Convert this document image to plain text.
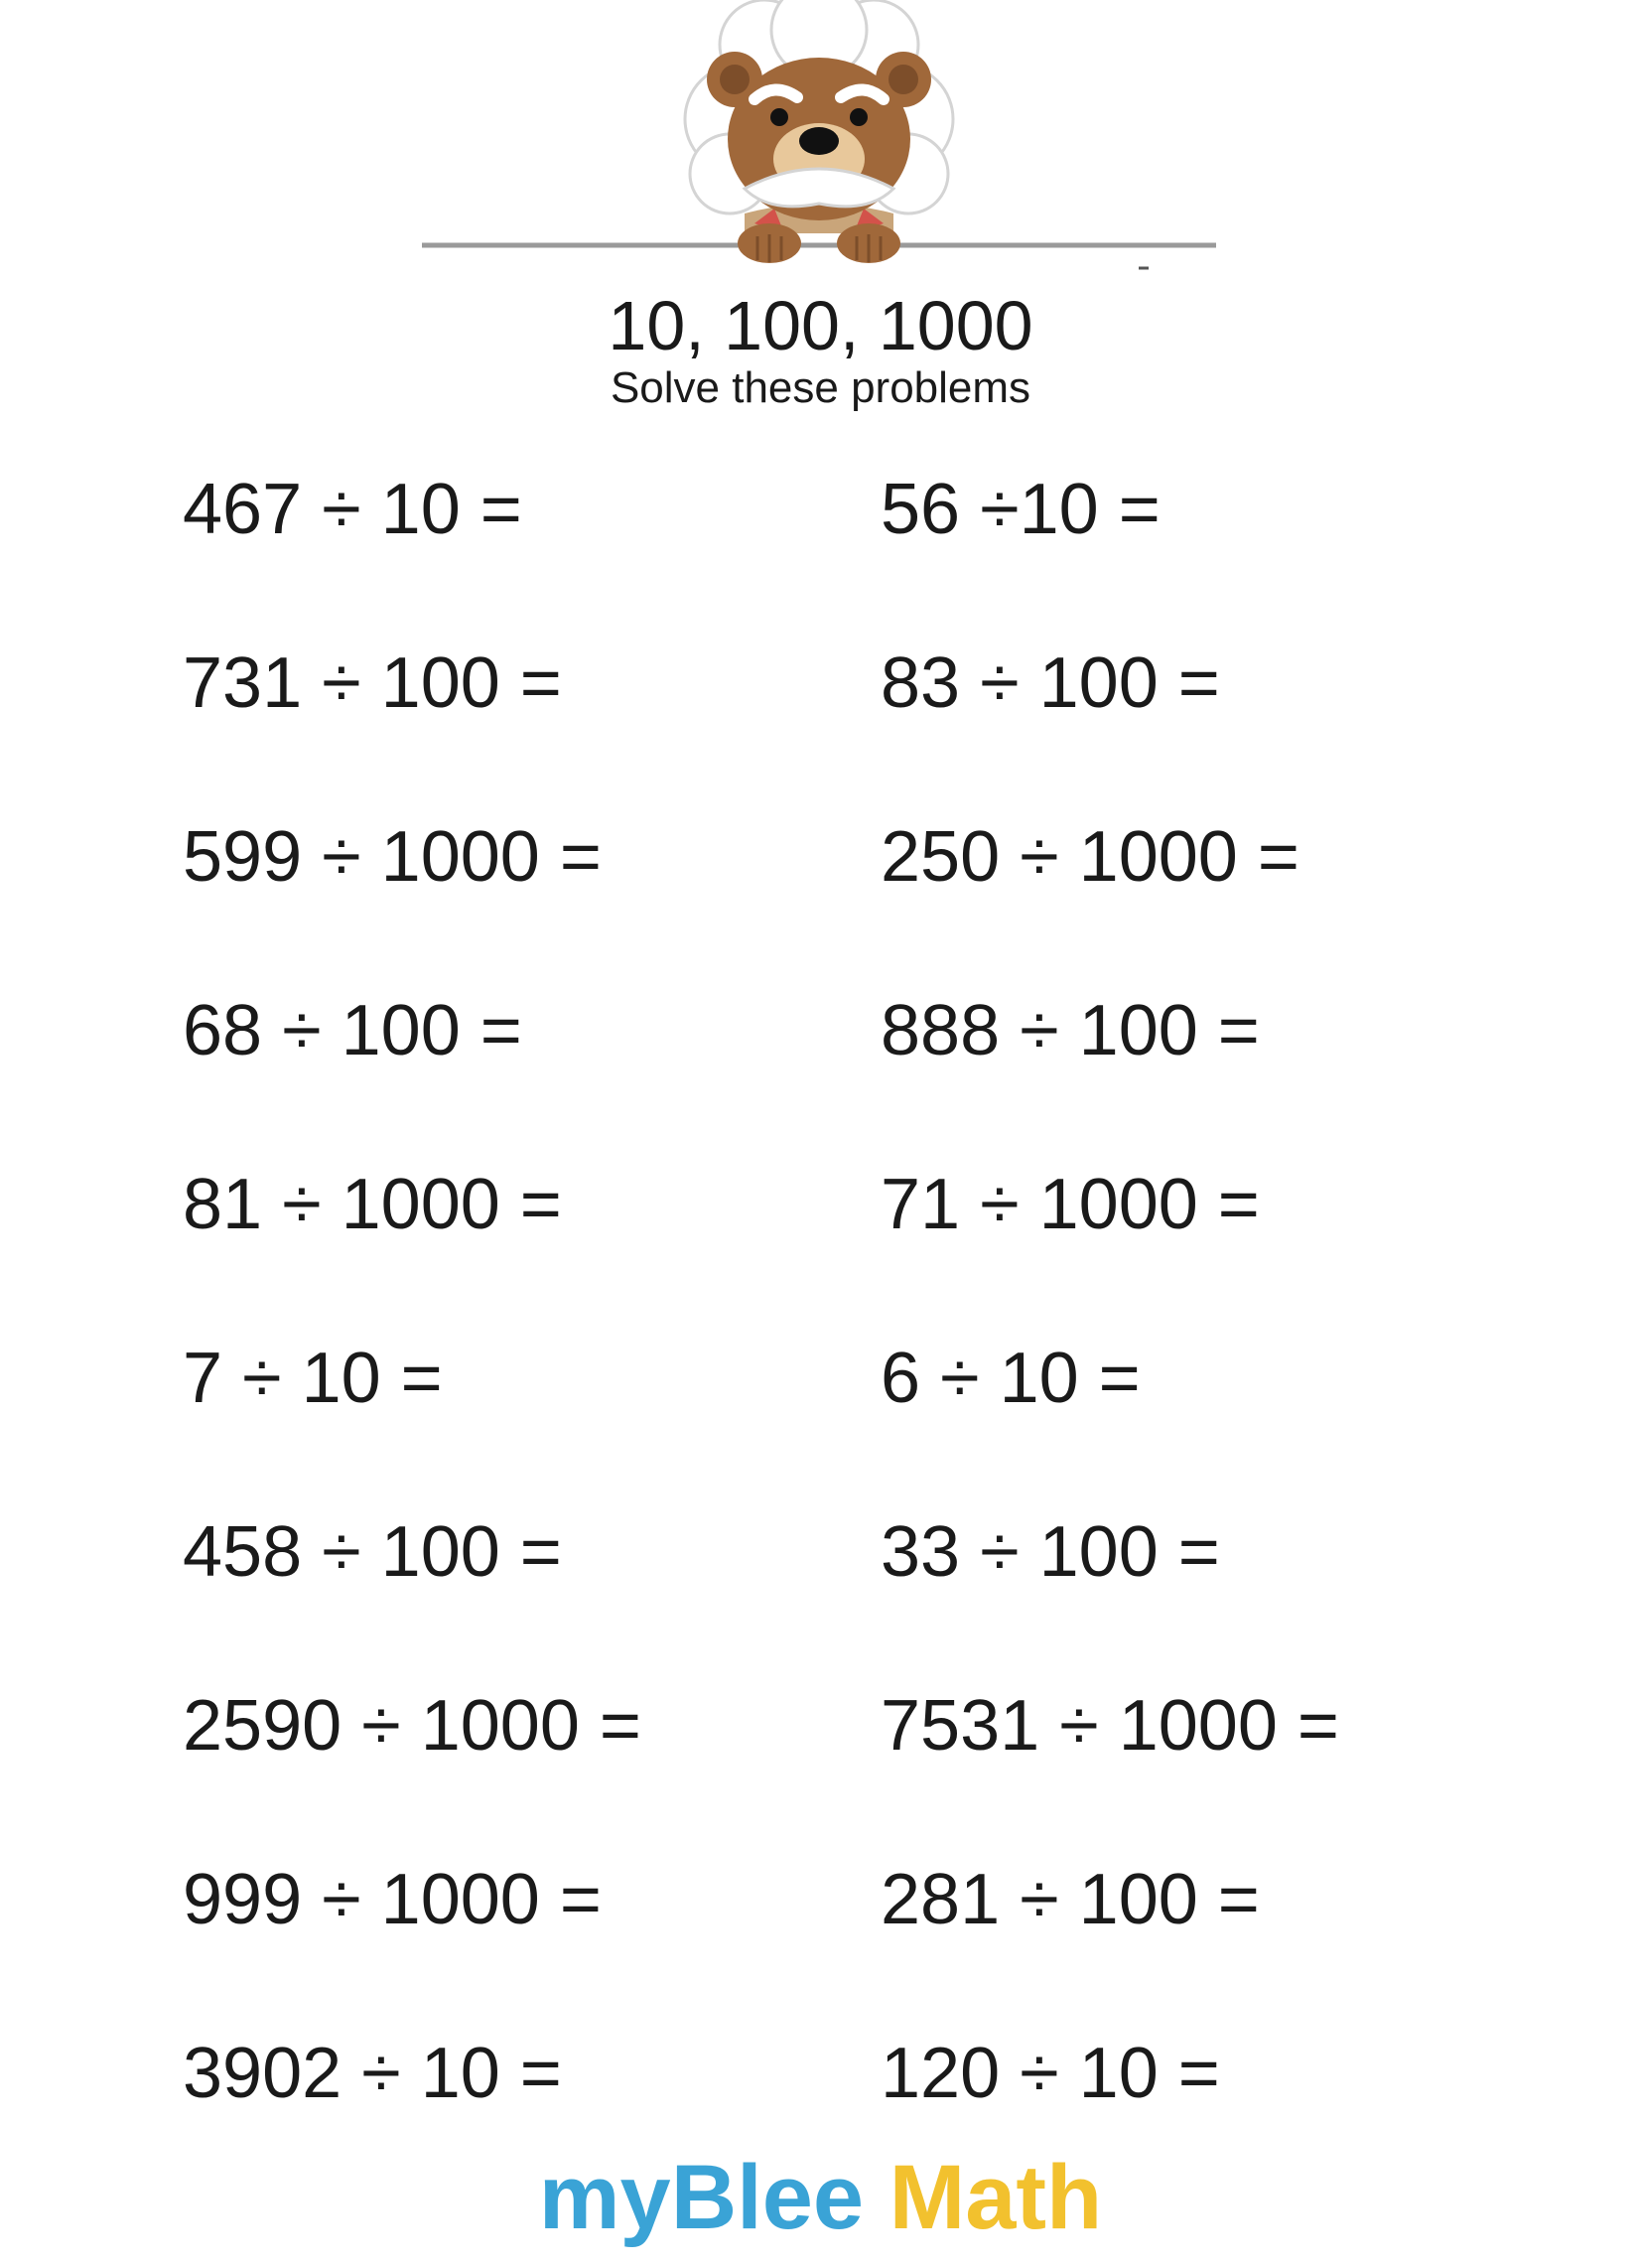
10, 100, 1000
Solve these problems
467 ÷ 10 =	56 ÷10 =
731 ÷ 100 =	83 ÷ 100 =
599 ÷ 1000 =	250 ÷ 1000 =
68 ÷ 100 =	888 ÷ 100 =
81 ÷ 1000 =	71 ÷ 1000 =
7 ÷ 10 =	6 ÷ 10 =
458 ÷ 100 =	33 ÷ 100 =
2590 ÷ 1000 =	7531 ÷ 1000 =
999 ÷ 1000 =	281 ÷ 100 =
3902 ÷ 10 =	120 ÷ 10 =
myBlee Math
